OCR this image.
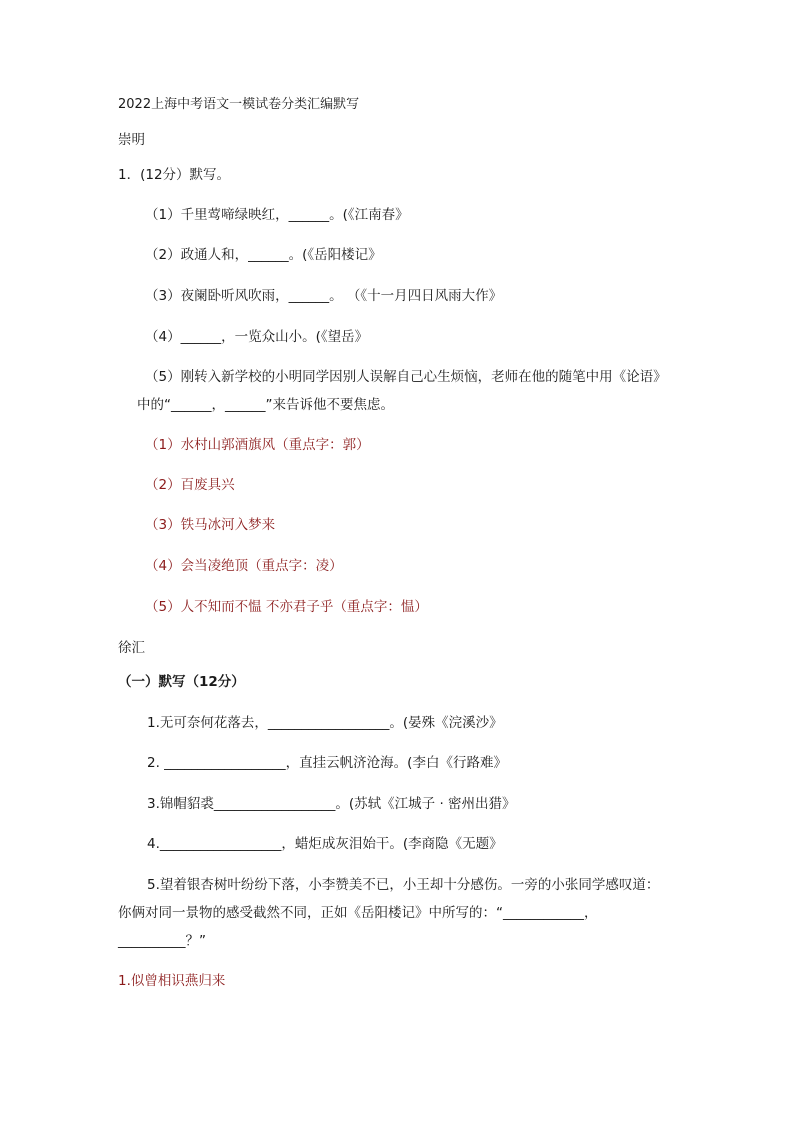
2022上海中考语文一模试卷分类汇编默写
崇明
1．(12分）默写。
（1）千里莺啼绿映红，______。(《江南春》
（2）政通人和，______。(《岳阳楼记》
（3）夜阑卧听风吹雨，______。 （《十一月四日风雨大作》
（4）______，一览众山小。(《望岳》
（5）刚转入新学校的小明同学因别人误解自己心生烦恼，老师在他的随笔中用《论语》
中的“______，______”来告诉他不要焦虑。
（1）水村山郭酒旗风（重点字：郭）
（2）百废具兴
（3）铁马冰河入梦来
（4）会当凌绝顶（重点字：凌）
（5）人不知而不愠 不亦君子乎（重点字：愠）
徐汇
（一）默写（12分）
1.无可奈何花落去，__________________。(晏殊《浣溪沙》
2. __________________，直挂云帆济沧海。(李白《行路难》
3.锦帽貂裘__________________。(苏轼《江城子 · 密州出猎》
4.__________________，蜡炬成灰泪始干。(李商隐《无题》
5.望着银杏树叶纷纷下落，小李赞美不已，小王却十分感伤。一旁的小张同学感叹道：
你俩对同一景物的感受截然不同，正如《岳阳楼记》中所写的：“____________，
__________？”
1.似曾相识燕归来
